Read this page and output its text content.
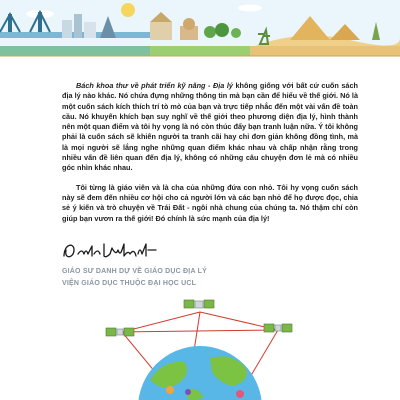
Bách khoa thư về phát triển kỹ năng - Địa lý không giống với bất cứ cuốn sách địa lý nào khác. Nó chứa đựng những thông tin mà bạn cần để hiểu về thế giới. Nó là một cuốn sách kích thích trí tò mò của bạn và trực tiếp nhắc đến một vài vấn đề toàn cầu. Nó khuyến khích bạn suy nghĩ về thế giới theo phương diện địa lý, hình thành nên một quan điểm và tôi hy vọng là nó còn thúc đẩy bạn tranh luận nữa. Ý tôi không phải là cuốn sách sẽ khiến người ta tranh cãi hay chỉ đơn giản không đồng tình, mà là mọi người sẽ lắng nghe những quan điểm khác nhau và chấp nhận rằng trong nhiều vấn đề liên quan đến địa lý, không có những câu chuyện đơn lẻ mà có nhiều góc nhìn khác nhau.

Tôi từng là giáo viên và là cha của những đứa con nhỏ. Tôi hy vọng cuốn sách này sẽ đem đến nhiều cơ hội cho cả người lớn và các bạn nhỏ để họ được đọc, chia sẻ ý kiến và trò chuyện về Trái Đất - ngôi nhà chung của chúng ta. Nó thậm chí còn giúp bạn vươn ra thế giới! Đó chính là sức mạnh của địa lý!

GIÁO SƯ DANH DỰ VỀ GIÁO DỤC ĐỊA LÝ
VIỆN GIÁO DỤC THUỘC ĐẠI HỌC UCL
